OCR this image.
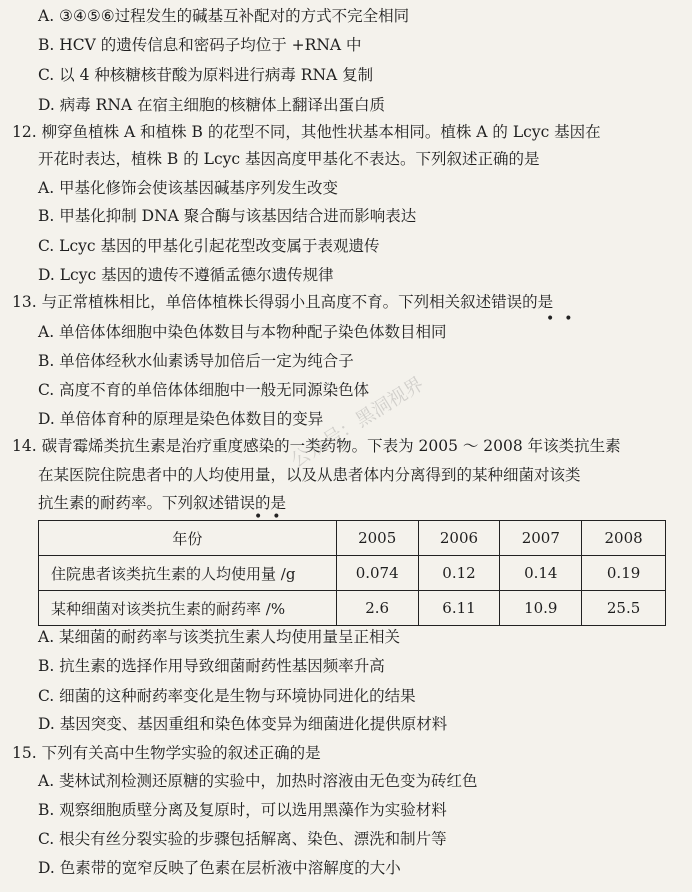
A. ③④⑤⑥过程发生的碱基互补配对的方式不完全相同
B. HCV 的遗传信息和密码子均位于 +RNA 中
C. 以 4 种核糖核苷酸为原料进行病毒 RNA 复制
D. 病毒 RNA 在宿主细胞的核糖体上翻译出蛋白质
12. 柳穿鱼植株 A 和植株 B 的花型不同，其他性状基本相同。植株 A 的 Lcyc 基因在
开花时表达，植株 B 的 Lcyc 基因高度甲基化不表达。下列叙述正确的是
A. 甲基化修饰会使该基因碱基序列发生改变
B. 甲基化抑制 DNA 聚合酶与该基因结合进而影响表达
C. Lcyc 基因的甲基化引起花型改变属于表观遗传
D. Lcyc 基因的遗传不遵循孟德尔遗传规律
13. 与正常植株相比，单倍体植株长得弱小且高度不育。下列相关叙述错误的是
••
A. 单倍体体细胞中染色体数目与本物种配子染色体数目相同
B. 单倍体经秋水仙素诱导加倍后一定为纯合子
C. 高度不育的单倍体体细胞中一般无同源染色体
D. 单倍体育种的原理是染色体数目的变异
14. 碳青霉烯类抗生素是治疗重度感染的一类药物。下表为 2005 ～ 2008 年该类抗生素
在某医院住院患者中的人均使用量，以及从患者体内分离得到的某种细菌对该类
抗生素的耐药率。下列叙述错误的是
••
年份	2005	2006	2007	2008
住院患者该类抗生素的人均使用量 /g	0.074	0.12	0.14	0.19
某种细菌对该类抗生素的耐药率 /%	2.6	6.11	10.9	25.5
A. 某细菌的耐药率与该类抗生素人均使用量呈正相关
B. 抗生素的选择作用导致细菌耐药性基因频率升高
C. 细菌的这种耐药率变化是生物与环境协同进化的结果
D. 基因突变、基因重组和染色体变异为细菌进化提供原材料
15. 下列有关高中生物学实验的叙述正确的是
A. 斐林试剂检测还原糖的实验中，加热时溶液由无色变为砖红色
B. 观察细胞质壁分离及复原时，可以选用黑藻作为实验材料
C. 根尖有丝分裂实验的步骤包括解离、染色、漂洗和制片等
D. 色素带的宽窄反映了色素在层析液中溶解度的大小
公众号：黑洞视界
